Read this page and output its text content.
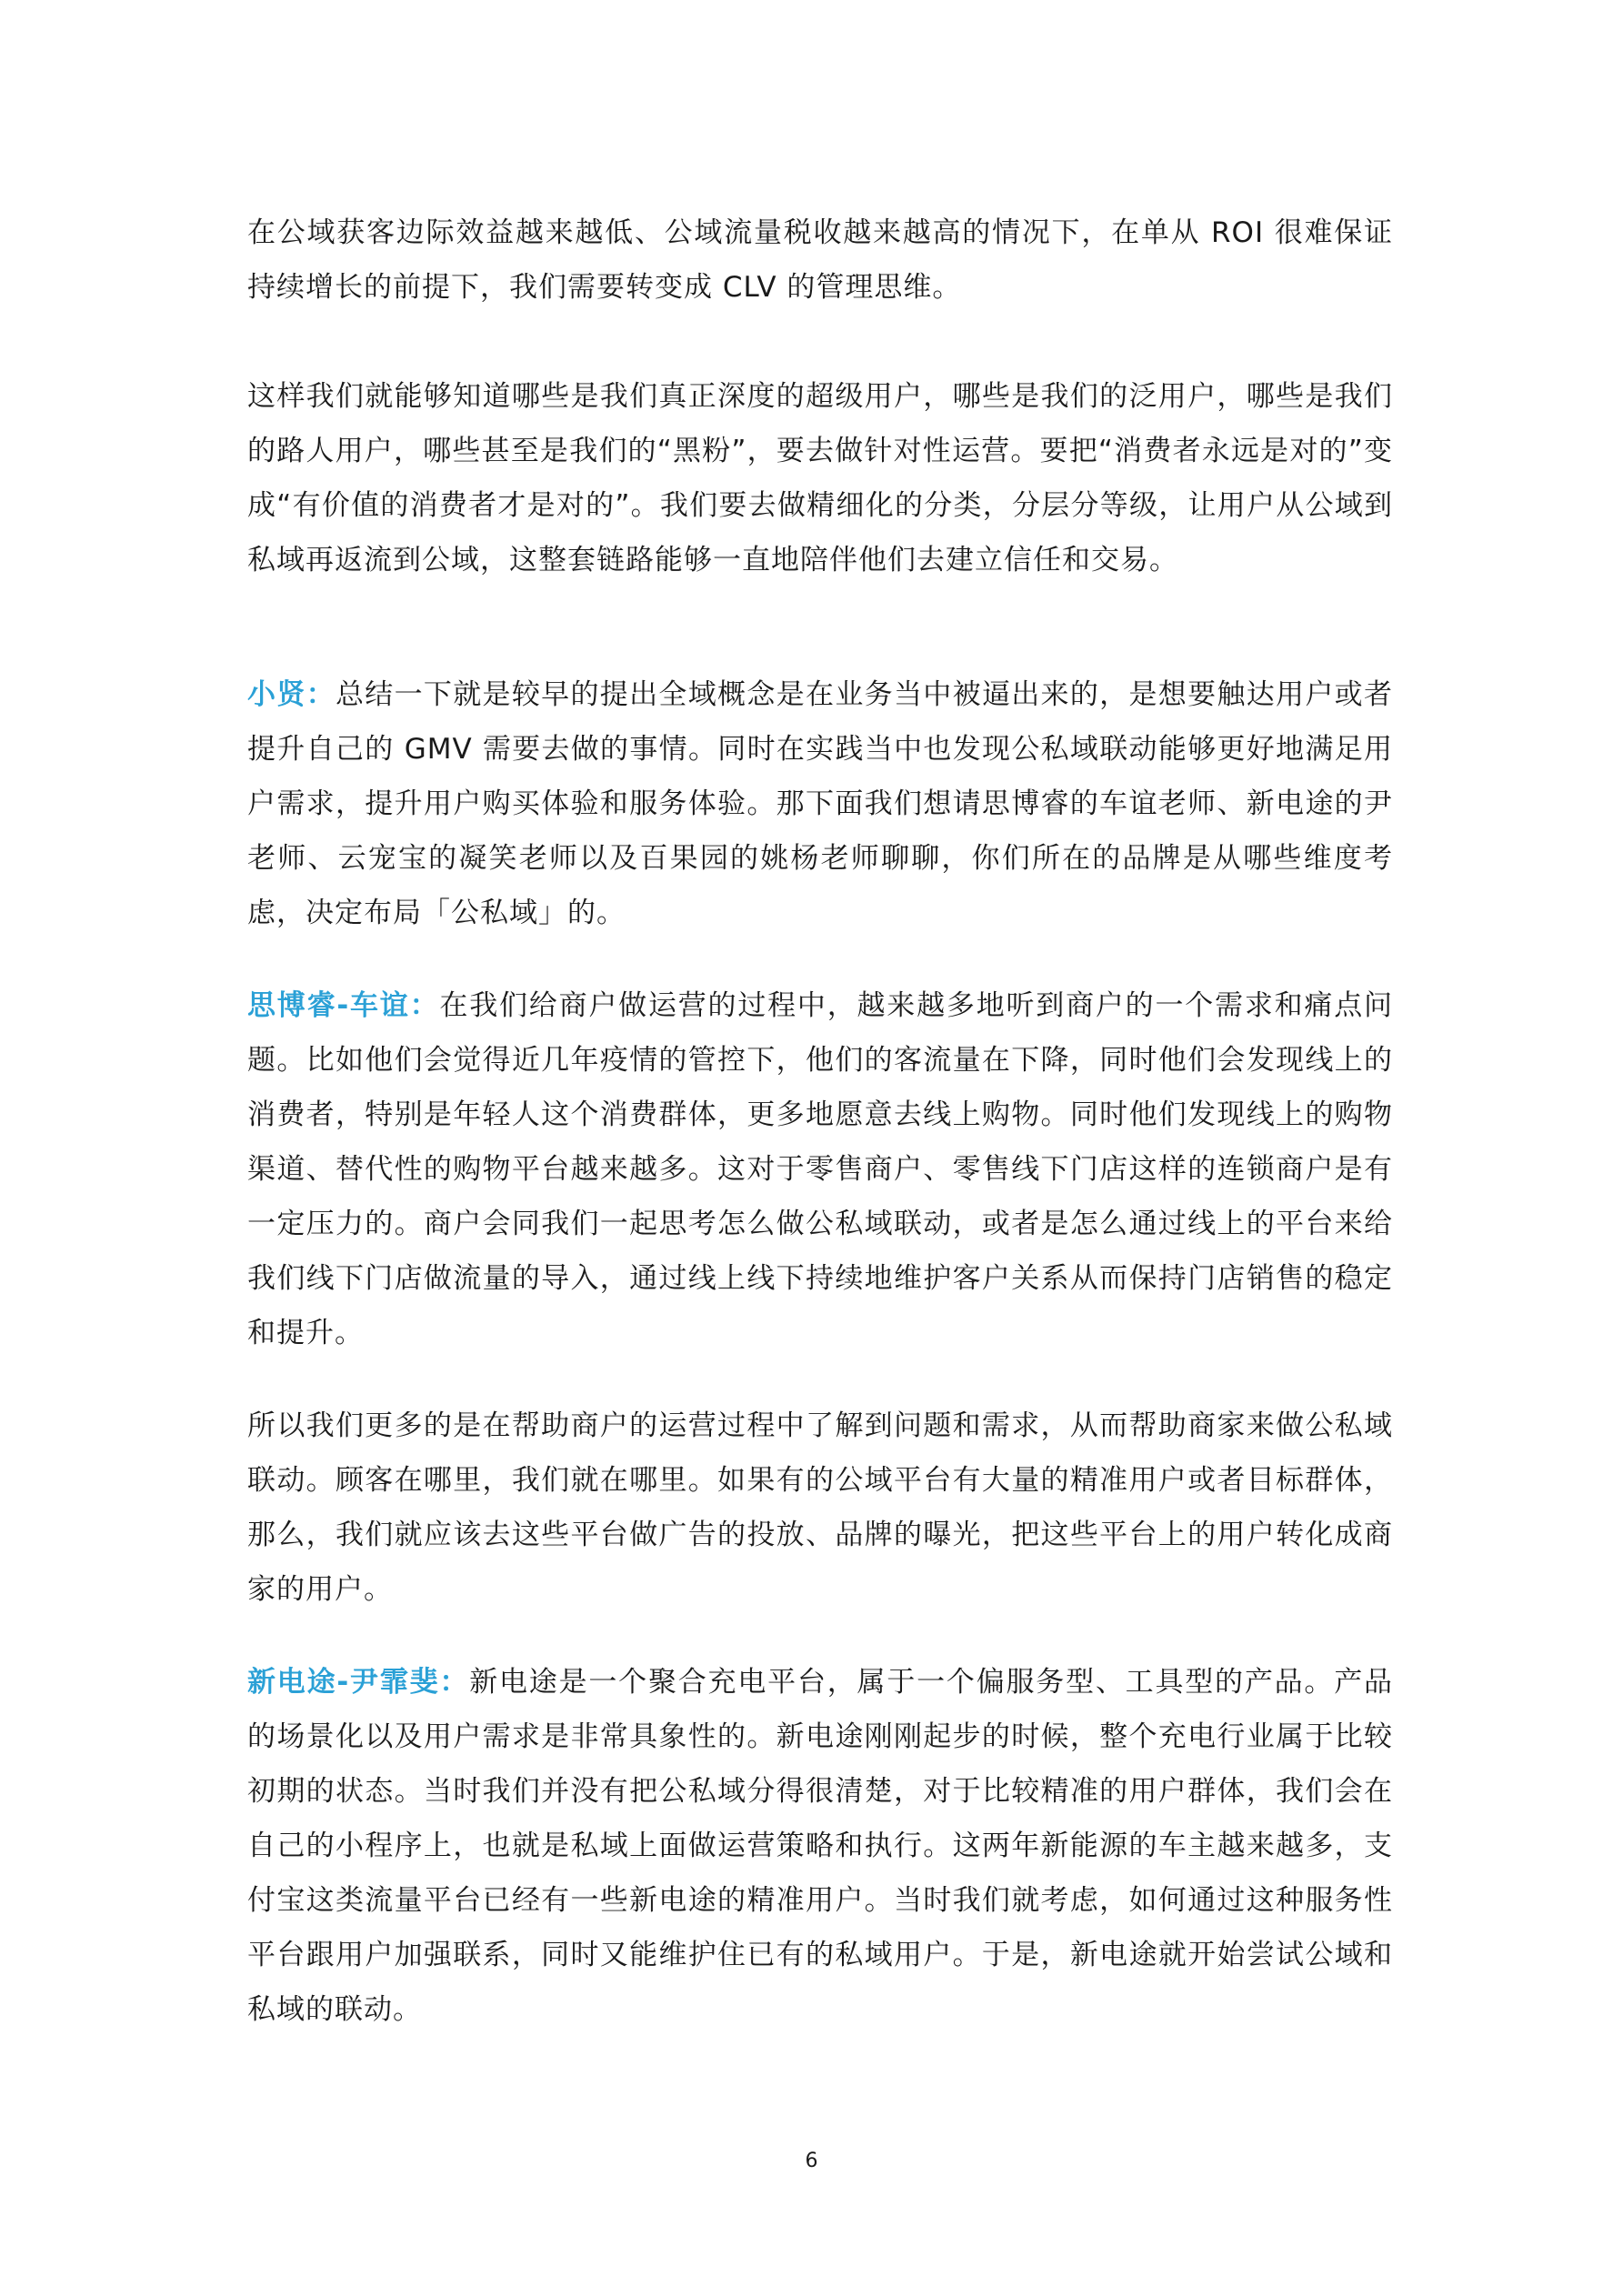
在公域获客边际效益越来越低、公域流量税收越来越高的情况下，在单从 ROI 很难保证持续增长的前提下，我们需要转变成 CLV 的管理思维。

这样我们就能够知道哪些是我们真正深度的超级用户，哪些是我们的泛用户，哪些是我们的路人用户，哪些甚至是我们的“黑粉”，要去做针对性运营。要把“消费者永远是对的”变成“有价值的消费者才是对的”。我们要去做精细化的分类，分层分等级，让用户从公域到私域再返流到公域，这整套链路能够一直地陪伴他们去建立信任和交易。

小贤：总结一下就是较早的提出全域概念是在业务当中被逼出来的，是想要触达用户或者提升自己的 GMV 需要去做的事情。同时在实践当中也发现公私域联动能够更好地满足用户需求，提升用户购买体验和服务体验。那下面我们想请思博睿的车谊老师、新电途的尹老师、云宠宝的凝笑老师以及百果园的姚杨老师聊聊，你们所在的品牌是从哪些维度考虑，决定布局「公私域」的。

思博睿-车谊：在我们给商户做运营的过程中，越来越多地听到商户的一个需求和痛点问题。比如他们会觉得近几年疫情的管控下，他们的客流量在下降，同时他们会发现线上的消费者，特别是年轻人这个消费群体，更多地愿意去线上购物。同时他们发现线上的购物渠道、替代性的购物平台越来越多。这对于零售商户、零售线下门店这样的连锁商户是有一定压力的。商户会同我们一起思考怎么做公私域联动，或者是怎么通过线上的平台来给我们线下门店做流量的导入，通过线上线下持续地维护客户关系从而保持门店销售的稳定和提升。

所以我们更多的是在帮助商户的运营过程中了解到问题和需求，从而帮助商家来做公私域联动。顾客在哪里，我们就在哪里。如果有的公域平台有大量的精准用户或者目标群体，那么，我们就应该去这些平台做广告的投放、品牌的曝光，把这些平台上的用户转化成商家的用户。

新电途-尹霏斐：新电途是一个聚合充电平台，属于一个偏服务型、工具型的产品。产品的场景化以及用户需求是非常具象性的。新电途刚刚起步的时候，整个充电行业属于比较初期的状态。当时我们并没有把公私域分得很清楚，对于比较精准的用户群体，我们会在自己的小程序上，也就是私域上面做运营策略和执行。这两年新能源的车主越来越多，支付宝这类流量平台已经有一些新电途的精准用户。当时我们就考虑，如何通过这种服务性平台跟用户加强联系，同时又能维护住已有的私域用户。于是，新电途就开始尝试公域和私域的联动。

6
